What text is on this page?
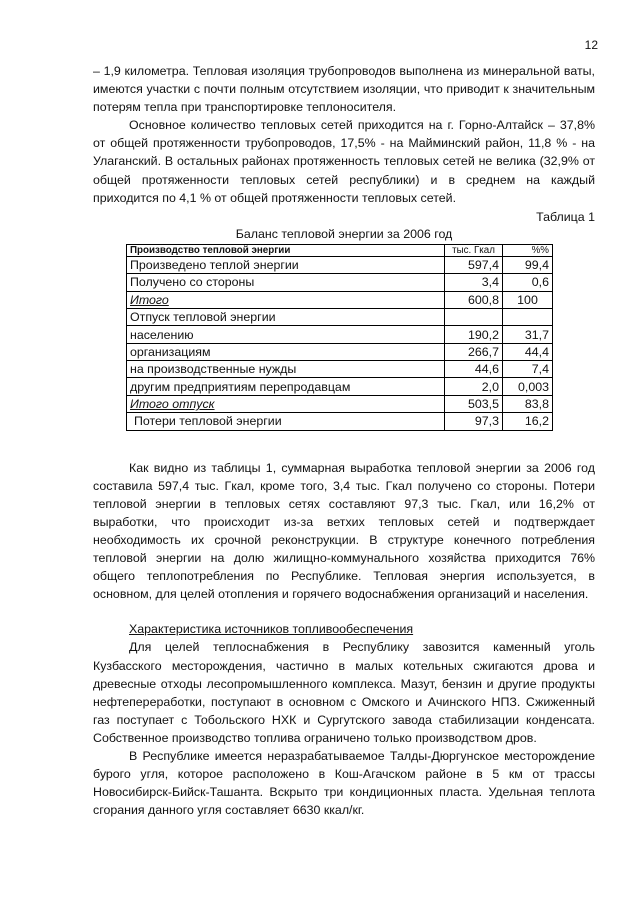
12

– 1,9 километра. Тепловая изоляция трубопроводов выполнена из минеральной ваты, имеются участки с почти полным отсутствием изоляции, что приводит к значительным потерям тепла при транспортировке теплоносителя.

Основное количество тепловых сетей приходится на г. Горно-Алтайск – 37,8% от общей протяженности трубопроводов, 17,5% - на Майминский район, 11,8 % - на Улаганский. В остальных районах протяженность тепловых сетей не велика (32,9% от общей протяженности тепловых сетей республики) и в среднем на каждый приходится по 4,1 % от общей протяженности тепловых сетей.

Таблица 1
Баланс тепловой энергии за 2006 год
Производство тепловой энергии	тыс. Гкал	%%
Произведено теплой энергии	597,4	99,4
Получено со стороны	3,4	0,6
Итого	600,8	100
Отпуск тепловой энергии		
населению	190,2	31,7
организациям	266,7	44,4
на производственные нужды	44,6	7,4
другим предприятиям перепродавцам	2,0	0,003
Итого отпуск	503,5	83,8
Потери тепловой энергии	97,3	16,2

Как видно из таблицы 1, суммарная выработка тепловой энергии за 2006 год составила 597,4 тыс. Гкал, кроме того, 3,4 тыс. Гкал получено со стороны. Потери тепловой энергии в тепловых сетях составляют 97,3 тыс. Гкал, или 16,2% от выработки, что происходит из-за ветхих тепловых сетей и подтверждает необходимость их срочной реконструкции. В структуре конечного потребления тепловой энергии на долю жилищно-коммунального хозяйства приходится 76% общего теплопотребления по Республике. Тепловая энергия используется, в основном, для целей отопления и горячего водоснабжения организаций и населения.

Характеристика источников топливообеспечения

Для целей теплоснабжения в Республику завозится каменный уголь Кузбасского месторождения, частично в малых котельных сжигаются дрова и древесные отходы лесопромышленного комплекса. Мазут, бензин и другие продукты нефтепереработки, поступают в основном с Омского и Ачинского НПЗ. Сжиженный газ поступает с Тобольского НХК и Сургутского завода стабилизации конденсата. Собственное производство топлива ограничено только производством дров.

В Республике имеется неразрабатываемое Талды-Дюргунское месторождение бурого угля, которое расположено в Кош-Агачском районе в 5 км от трассы Новосибирск-Бийск-Ташанта. Вскрыто три кондиционных пласта. Удельная теплота сгорания данного угля составляет 6630 ккал/кг.
